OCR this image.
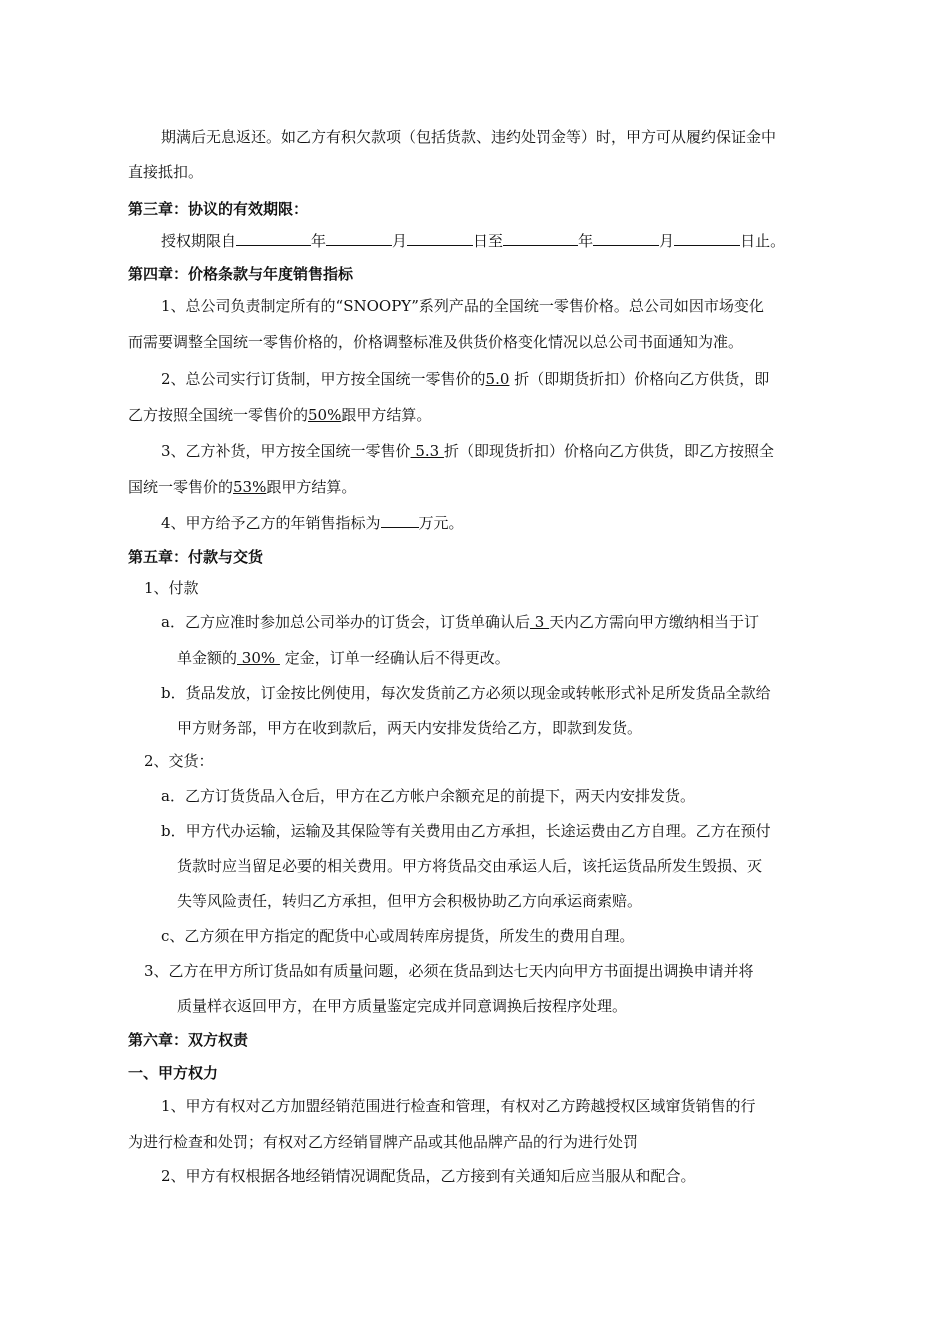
期满后无息返还。如乙方有积欠款项（包括货款、违约处罚金等）时，甲方可从履约保证金中
直接抵扣。
第三章：协议的有效期限：
授权期限自	年	月	日至	年	月	日止。
第四章：价格条款与年度销售指标
1、总公司负责制定所有的“SNOOPY”系列产品的全国统一零售价格。总公司如因市场变化
而需要调整全国统一零售价格的，价格调整标准及供货价格变化情况以总公司书面通知为准。
2、总公司实行订货制，甲方按全国统一零售价的5.0 折（即期货折扣）价格向乙方供货，即
乙方按照全国统一零售价的50%跟甲方结算。
3、乙方补货，甲方按全国统一零售价 5.3 折（即现货折扣）价格向乙方供货，即乙方按照全
国统一零售价的53%跟甲方结算。
4、甲方给予乙方的年销售指标为	万元。
第五章：付款与交货
1、付款
a．乙方应准时参加总公司举办的订货会，订货单确认后 3 天内乙方需向甲方缴纳相当于订
单金额的 30%  定金，订单一经确认后不得更改。
b．货品发放，订金按比例使用，每次发货前乙方必须以现金或转帐形式补足所发货品全款给
甲方财务部，甲方在收到款后，两天内安排发货给乙方，即款到发货。
2、交货：
a．乙方订货货品入仓后，甲方在乙方帐户余额充足的前提下，两天内安排发货。
b．甲方代办运输，运输及其保险等有关费用由乙方承担，长途运费由乙方自理。乙方在预付
货款时应当留足必要的相关费用。甲方将货品交由承运人后，该托运货品所发生毁损、灭
失等风险责任，转归乙方承担，但甲方会积极协助乙方向承运商索赔。
c、乙方须在甲方指定的配货中心或周转库房提货，所发生的费用自理。
3、乙方在甲方所订货品如有质量问题，必须在货品到达七天内向甲方书面提出调换申请并将
质量样衣返回甲方，在甲方质量鉴定完成并同意调换后按程序处理。
第六章：双方权责
一、甲方权力
1、甲方有权对乙方加盟经销范围进行检查和管理，有权对乙方跨越授权区域窜货销售的行
为进行检查和处罚；有权对乙方经销冒牌产品或其他品牌产品的行为进行处罚
2、甲方有权根据各地经销情况调配货品，乙方接到有关通知后应当服从和配合。
